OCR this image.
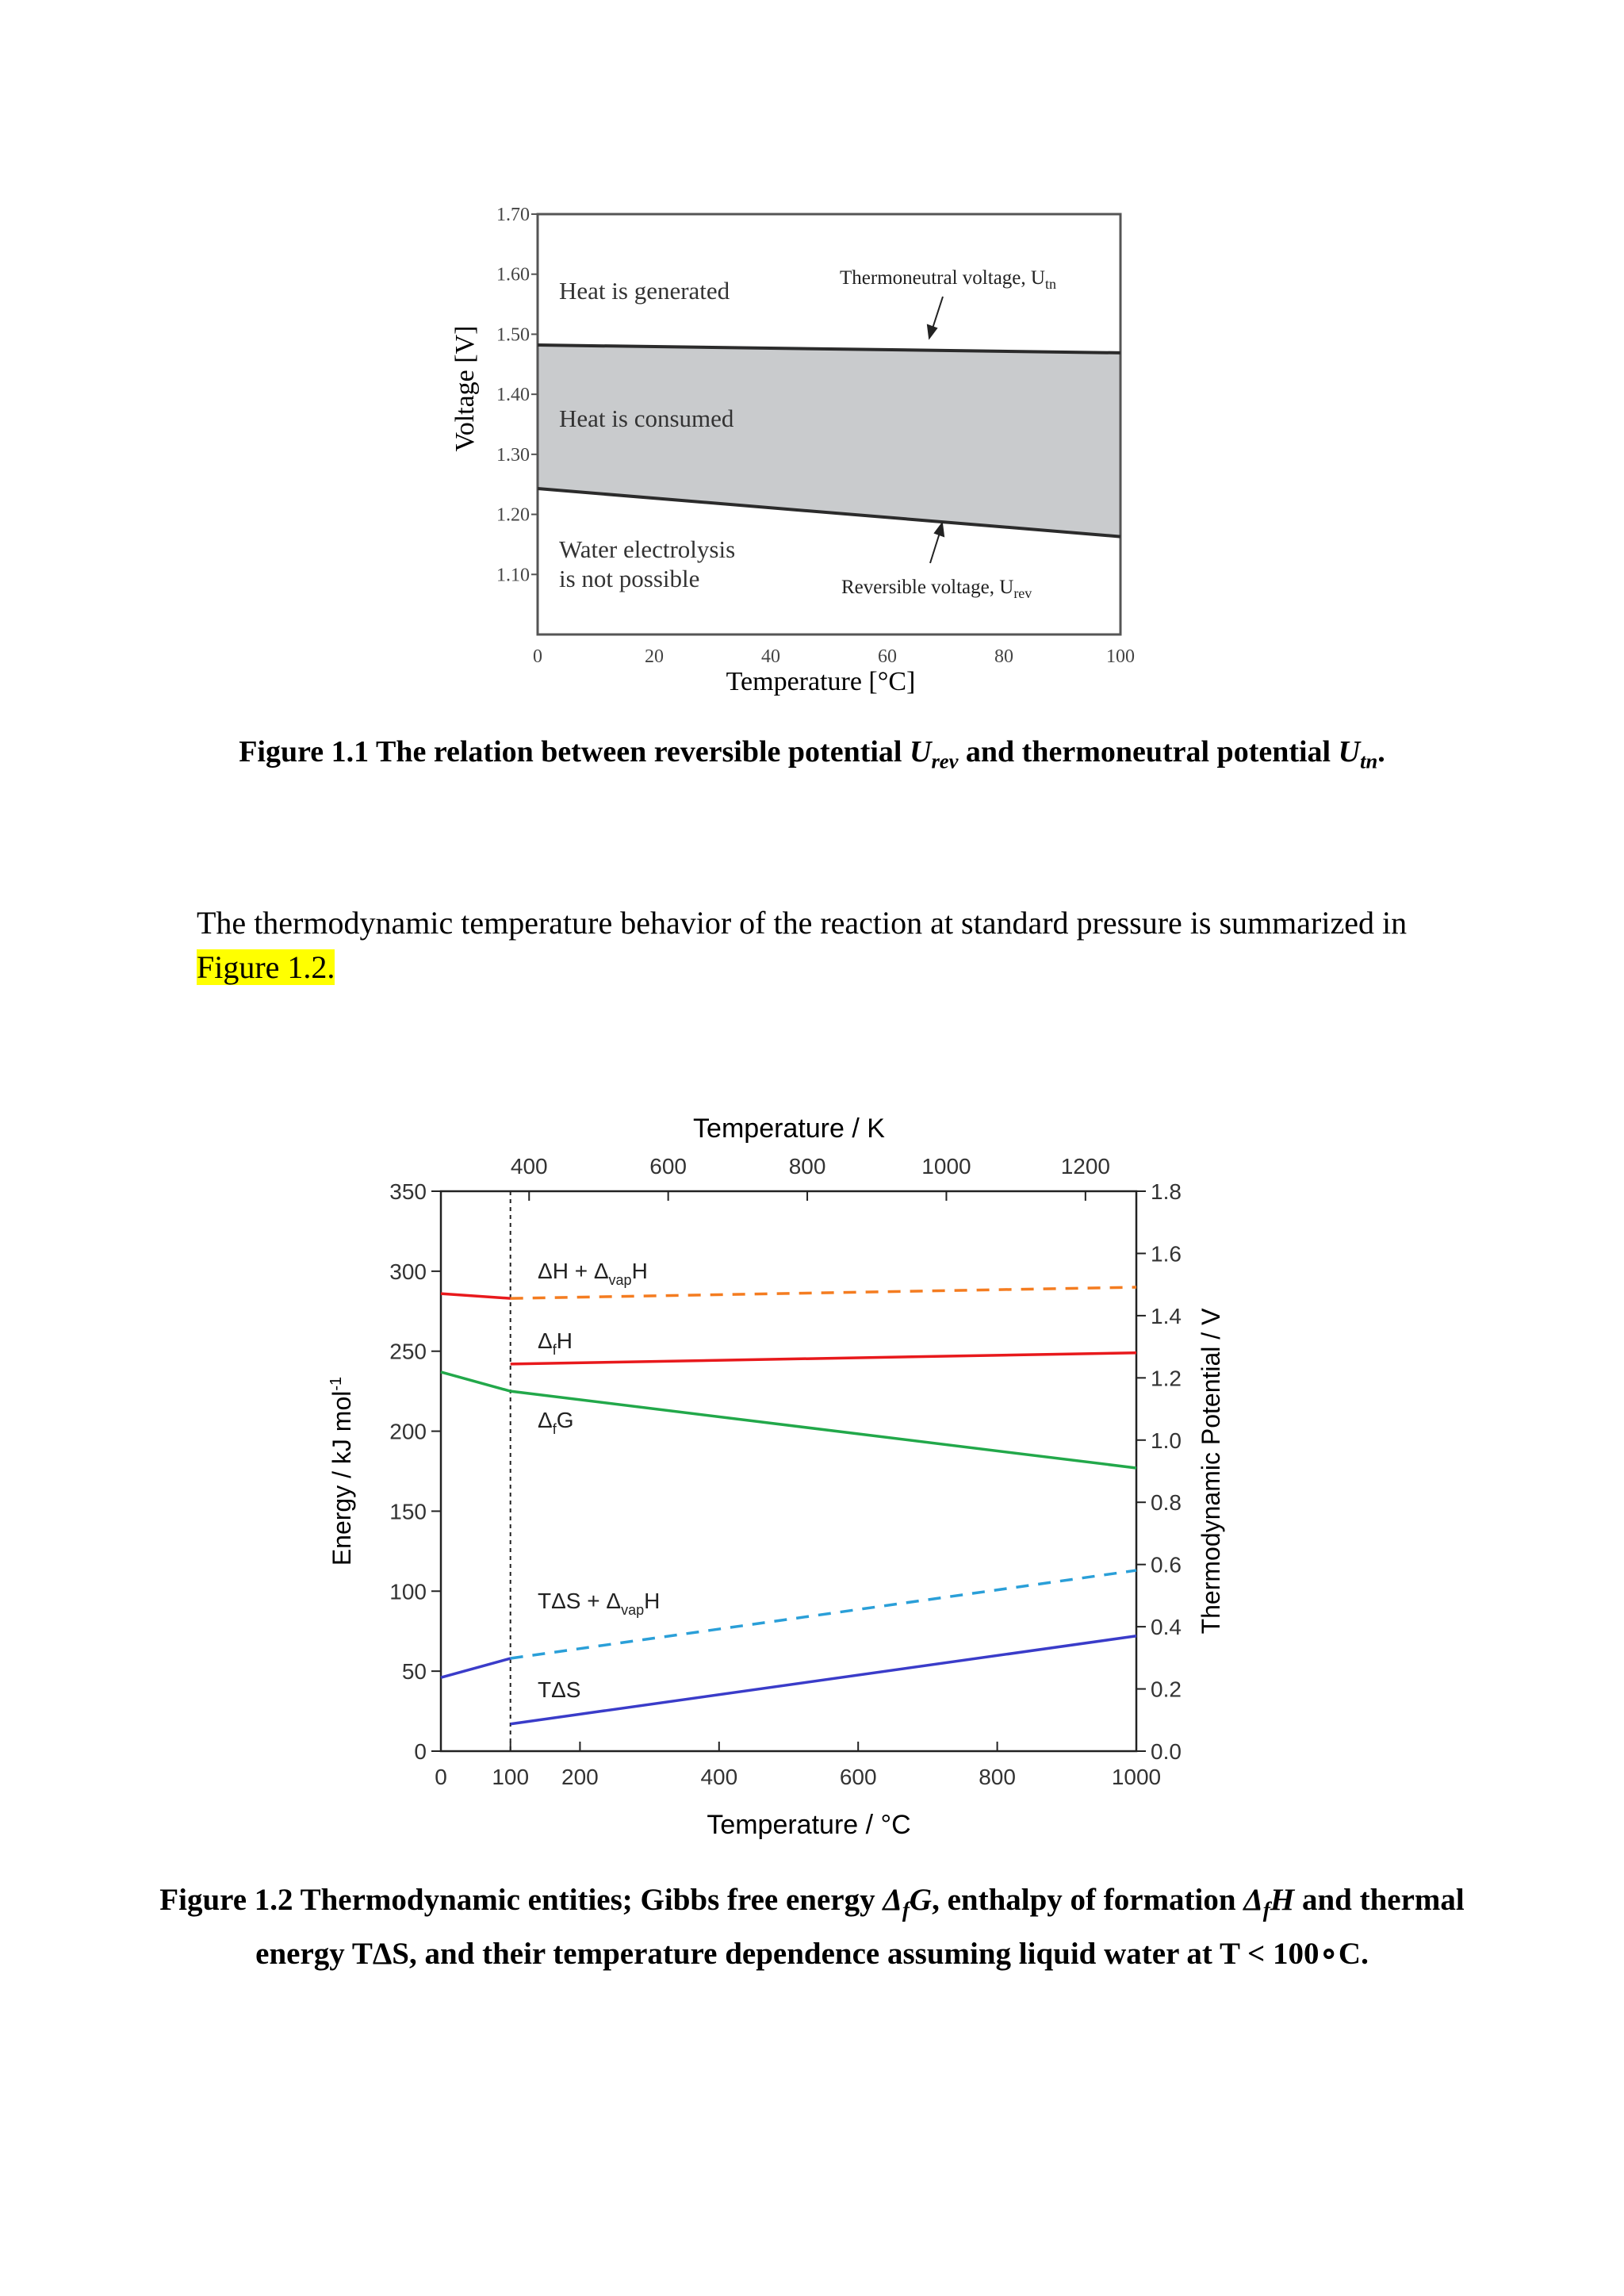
1.10
1.20
1.30
1.40
1.50
1.60
1.70
0	20	40	60	80	100
Voltage [V]
Temperature [°C]
Heat is generated
Heat is consumed
Water electrolysis
is not possible
Thermoneutral voltage, $U_{tn}$
Reversible voltage, $U_{rev}$
Figure 1.1 The relation between reversible potential $U_{rev}$ and thermoneutral potential $U_{tn}$.
The thermodynamic temperature behavior of the reaction at standard pressure is summarized in Figure 1.2.
0 100 200	400	600	800	1000
400	600	800	1000	1200
0
50
100
150
200
250
300
350
0.0
0.2
0.4
0.6
0.8
1.0
1.2
1.4
1.6
1.8
Temperature / K
Temperature / °C
Energy / kJ mol$^{-1}$	Thermodynamic Potential / V
$\Delta H + \Delta_{vap}H$
$\Delta_fH$
$\Delta_fG$
$T\Delta S + \Delta_{vap}H$
TΔS
Figure 1.2 Thermodynamic entities; Gibbs free energy $\Delta_fG$, enthalpy of formation $\Delta_fH$ and thermal energy TΔS, and their temperature dependence assuming liquid water at T < 100∘C.
